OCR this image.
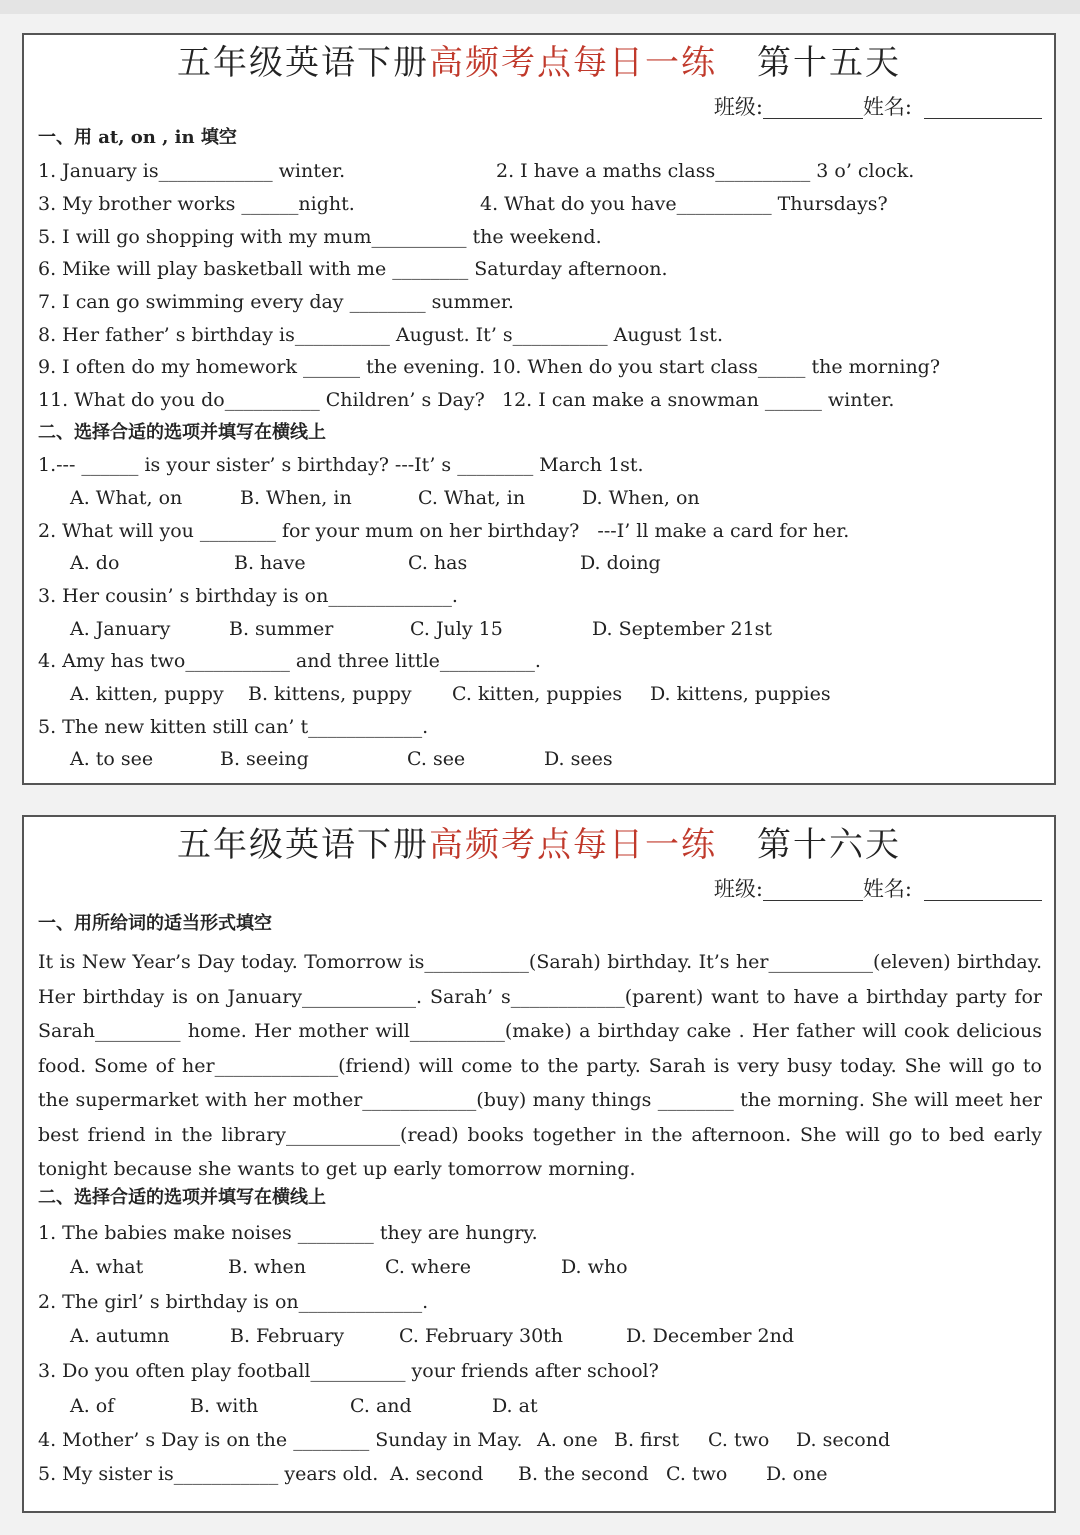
五年级英语下册高频考点每日一练 第十五天
班级:	姓名:
一、用 at, on , in 填空
1. January is____________ winter.	2. I have a maths class__________ 3 o’ clock.
3. My brother works ______night.	4. What do you have__________ Thursdays?
5. I will go shopping with my mum__________ the weekend.
6. Mike will play basketball with me ________ Saturday afternoon.
7. I can go swimming every day ________ summer.
8. Her father’ s birthday is__________ August. It’ s__________ August 1st.
9. I often do my homework ______ the evening. 10. When do you start class_____ the morning?
11. What do you do__________ Children’ s Day? 12. I can make a snowman ______ winter.
二、选择合适的选项并填写在横线上
1.--- ______ is your sister’ s birthday? ---It’ s ________ March 1st.
A. What, on	B. When, in	C. What, in	D. When, on
2. What will you ________ for your mum on her birthday?   ---I’ ll make a card for her.
A. do	B. have	C. has	D. doing
3. Her cousin’ s birthday is on_____________.
A. January	B. summer	C. July 15	D. September 21st
4. Amy has two___________ and three little__________.
A. kitten, puppy B. kittens, puppy C. kitten, puppies D. kittens, puppies
5. The new kitten still can’ t____________.
A. to see	B. seeing	C. see	D. sees
五年级英语下册高频考点每日一练 第十六天
班级:	姓名:
一、用所给词的适当形式填空
It is New Year’s Day today. Tomorrow is___________(Sarah) birthday. It’s her___________(eleven) birthday. Her birthday is on January____________. Sarah’ s____________(parent) want to have a birthday party for Sarah_________ home. Her mother will__________(make) a birthday cake . Her father will cook delicious food. Some of her_____________(friend) will come to the party. Sarah is very busy today. She will go to the supermarket with her mother____________(buy) many things ________ the morning. She will meet her best friend in the library____________(read) books together in the afternoon. She will go to bed early tonight because she wants to get up early tomorrow morning.
二、选择合适的选项并填写在横线上
1. The babies make noises ________ they are hungry.
A. what	B. when	C. where	D. who
2. The girl’ s birthday is on_____________.
A. autumn	B. February	C. February 30th	D. December 2nd
3. Do you often play football__________ your friends after school?
A. of	B. with	C. and	D. at
4. Mother’ s Day is on the ________ Sunday in May. A. one B. first C. two D. second
5. My sister is___________ years old. A. second B. the second C. two D. one
